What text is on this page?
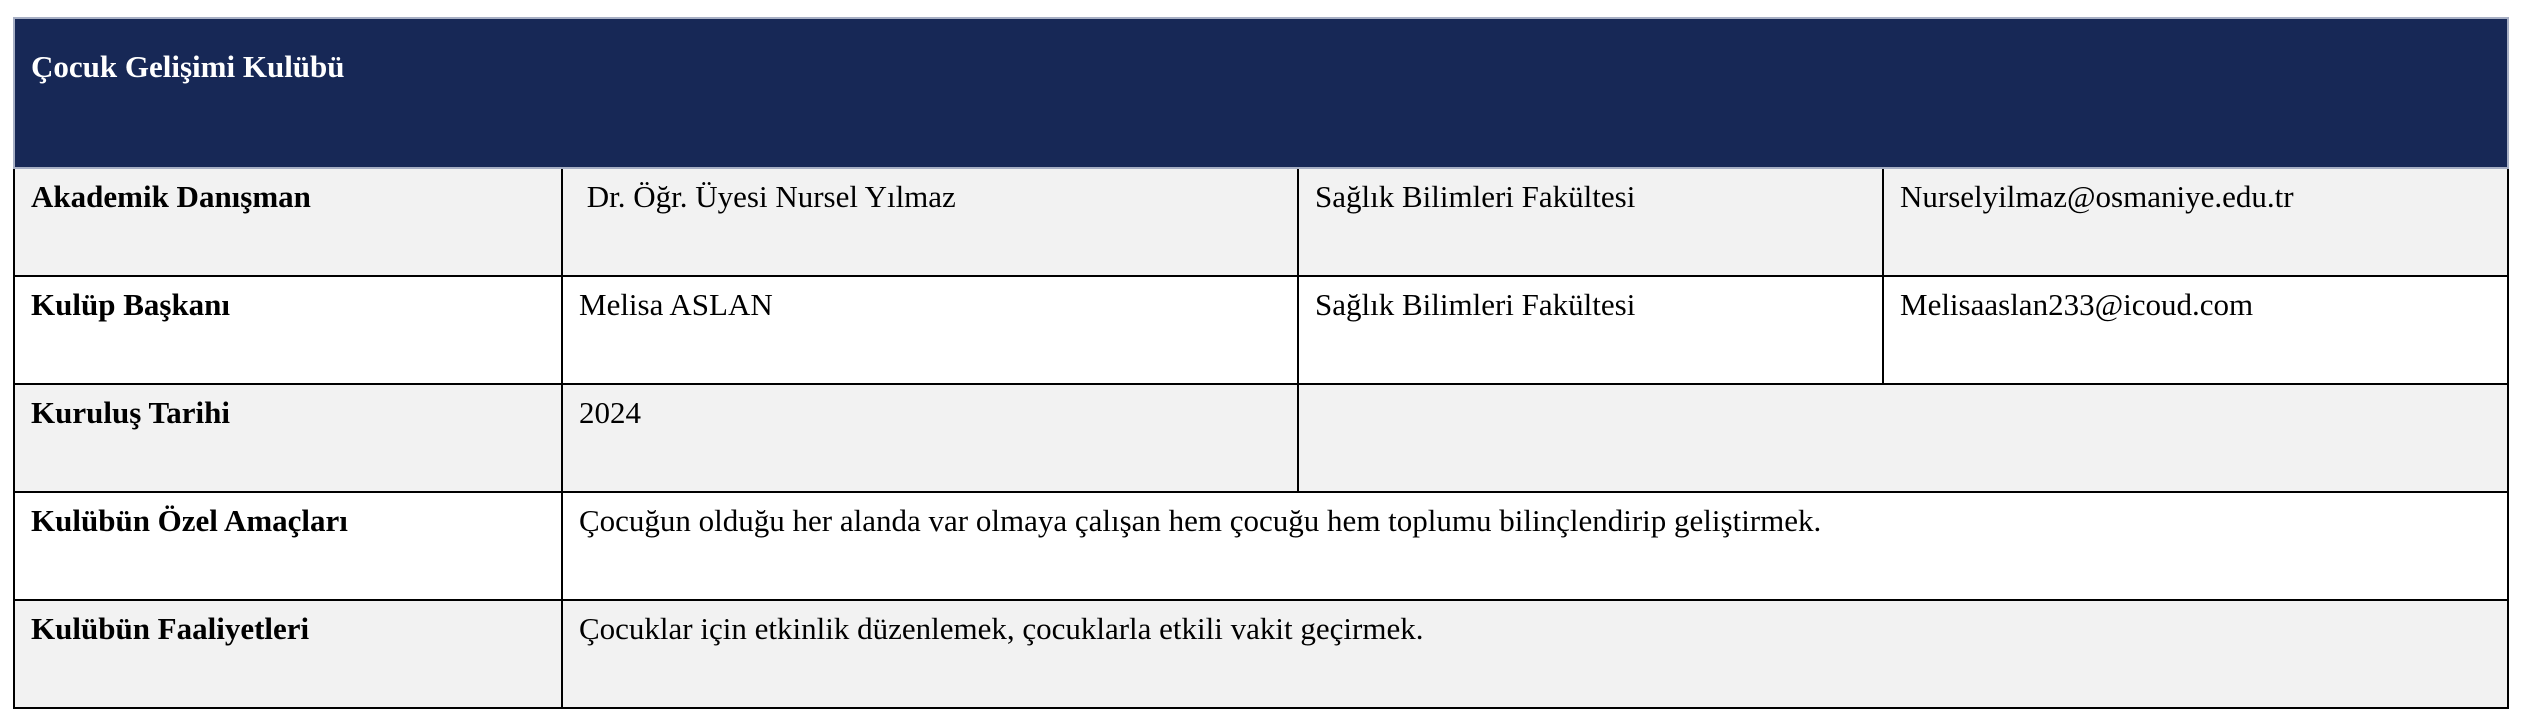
Çocuk Gelişimi Kulübü			
Akademik Danışman	Dr. Öğr. Üyesi Nursel Yılmaz	Sağlık Bilimleri Fakültesi	Nurselyilmaz@osmaniye.edu.tr
Kulüp Başkanı	Melisa ASLAN	Sağlık Bilimleri Fakültesi	Melisaaslan233@icoud.com
Kuruluş Tarihi	2024		
Kulübün Özel Amaçları	Çocuğun olduğu her alanda var olmaya çalışan hem çocuğu hem toplumu bilinçlendirip geliştirmek.		
Kulübün Faaliyetleri	Çocuklar için etkinlik düzenlemek, çocuklarla etkili vakit geçirmek.		
